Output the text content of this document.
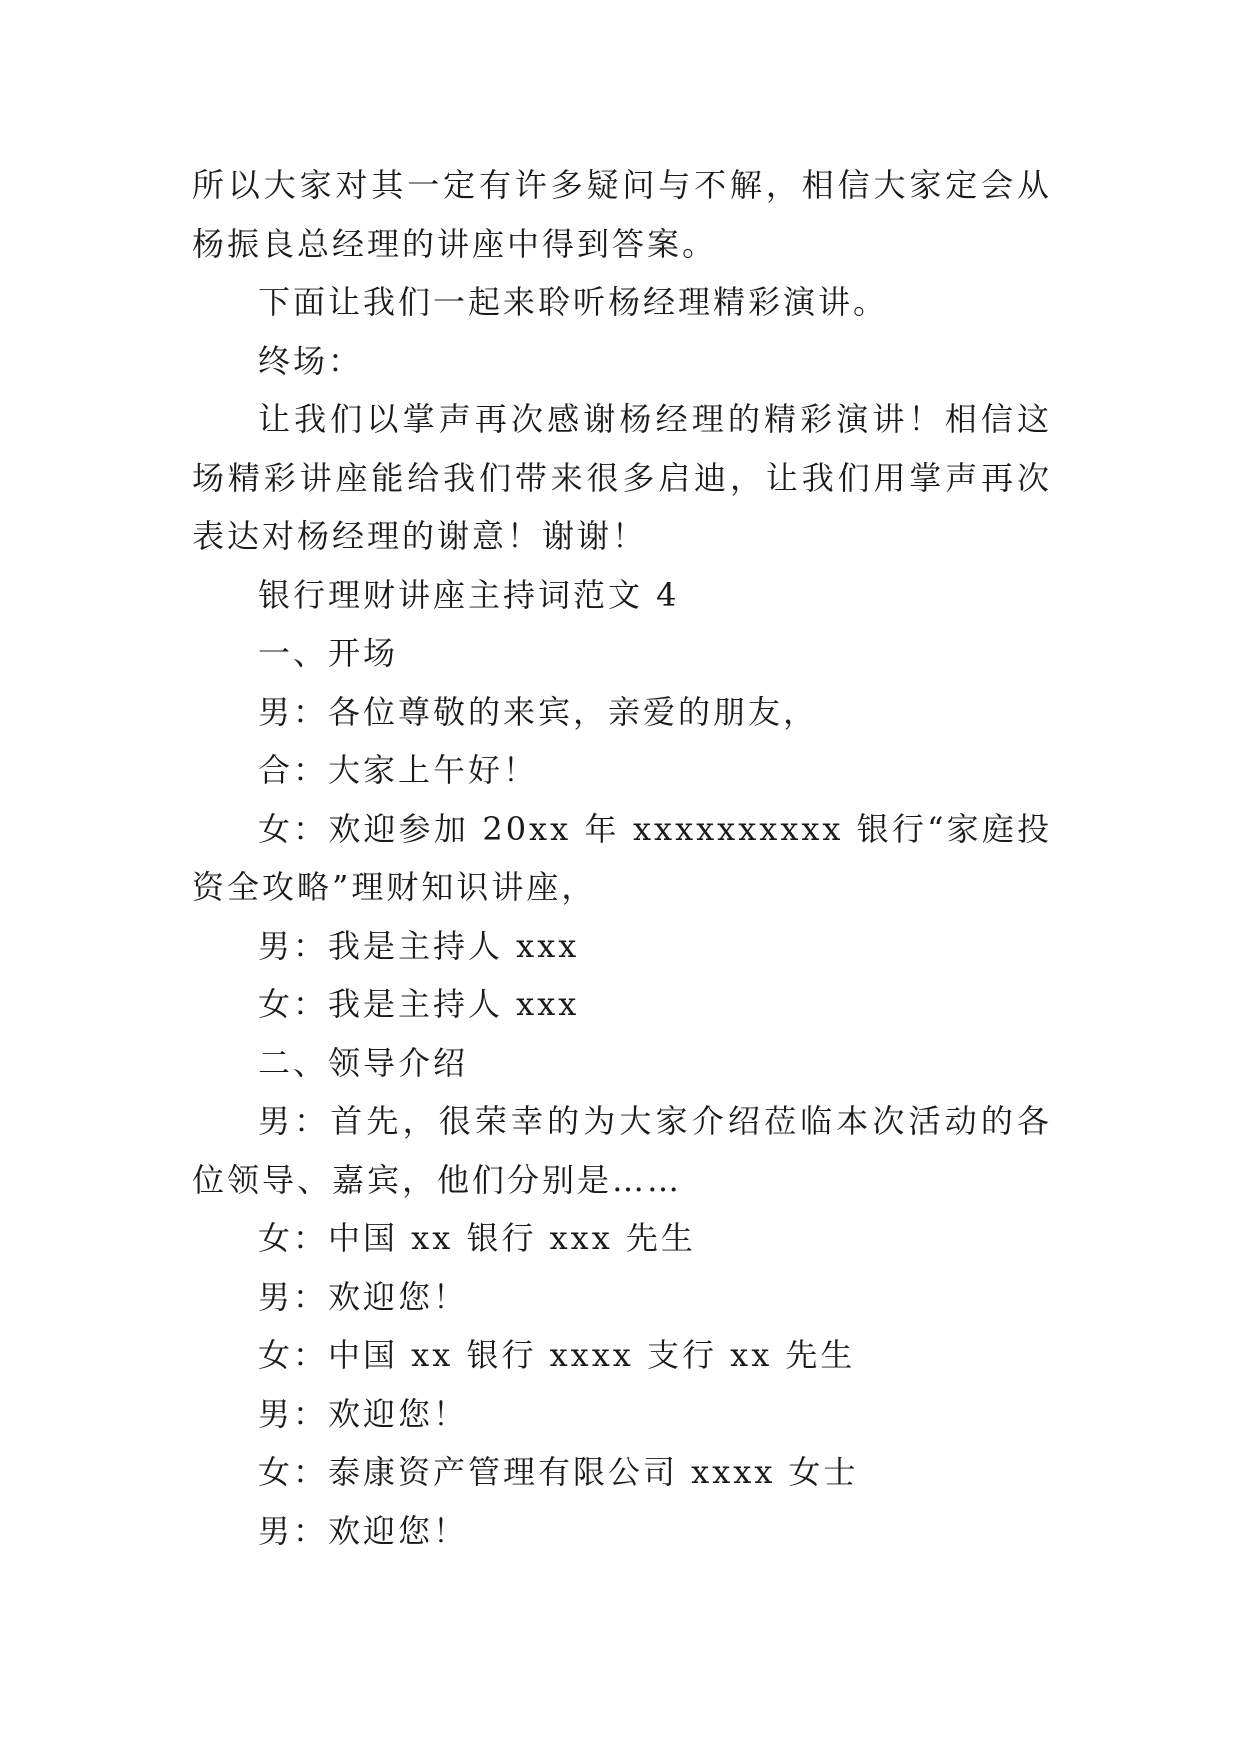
所以大家对其一定有许多疑问与不解，相信大家定会从杨振良总经理的讲座中得到答案。

下面让我们一起来聆听杨经理精彩演讲。

终场：

让我们以掌声再次感谢杨经理的精彩演讲！相信这场精彩讲座能给我们带来很多启迪，让我们用掌声再次表达对杨经理的谢意！谢谢！

银行理财讲座主持词范文 4

一、开场

男：各位尊敬的来宾，亲爱的朋友，

合：大家上午好！

女：欢迎参加 20xx 年 xxxxxxxxxx 银行“家庭投资全攻略”理财知识讲座，

男：我是主持人 xxx

女：我是主持人 xxx

二、领导介绍

男：首先，很荣幸的为大家介绍莅临本次活动的各位领导、嘉宾，他们分别是……

女：中国 xx 银行 xxx 先生

男：欢迎您！

女：中国 xx 银行 xxxx 支行 xx 先生

男：欢迎您！

女：泰康资产管理有限公司 xxxx 女士

男：欢迎您！
